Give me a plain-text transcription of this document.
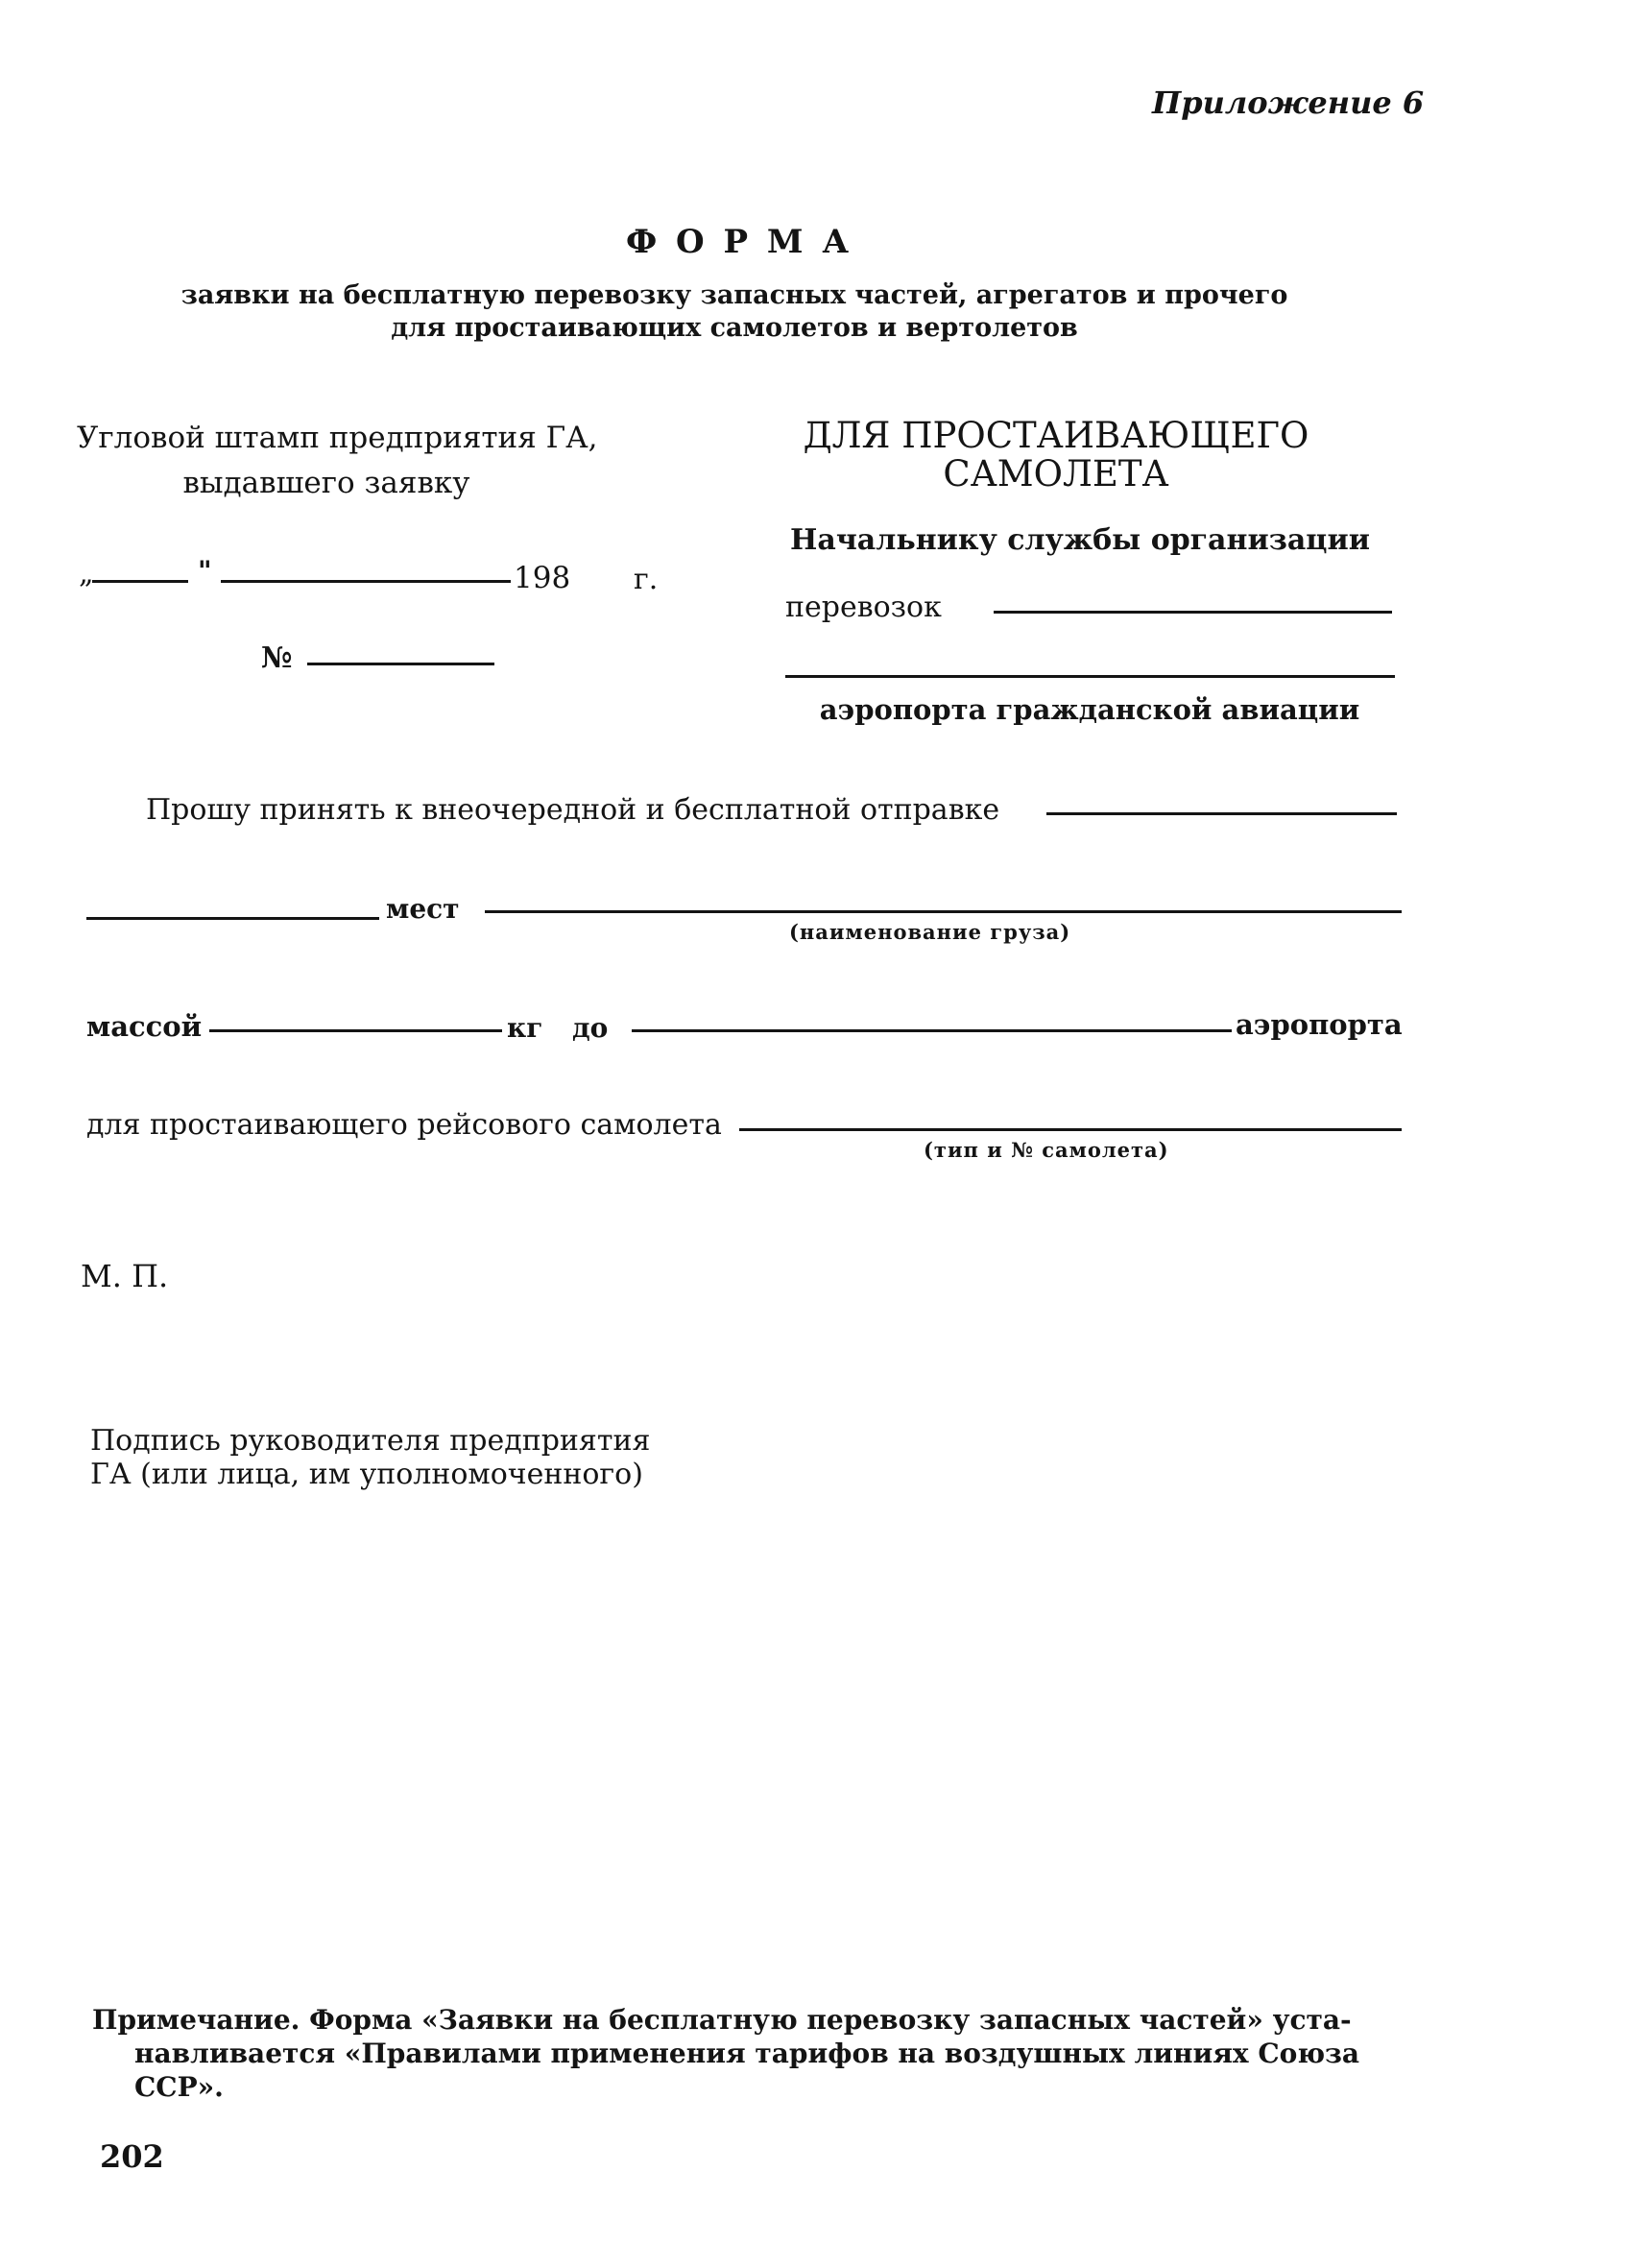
Приложение 6
Ф О Р М А
заявки на бесплатную перевозку запасных частей, агрегатов и прочего
для простаивающих самолетов и вертолетов
Угловой штамп предприятия ГА,
выдавшего заявку
„	"	198 г.
№
ДЛЯ ПРОСТАИВАЮЩЕГО
САМОЛЕТА
Начальнику службы организации
перевозок
аэропорта гражданской авиации
Прошу принять к внеочередной и бесплатной отправке
мест
(наименование груза)
массой	кг до	аэропорта
для простаивающего рейсового самолета
(тип и № самолета)
М. П.
Подпись руководителя предприятия
ГА (или лица, им уполномоченного)
Примечание. Форма «Заявки на бесплатную перевозку запасных частей» уста-
навливается «Правилами применения тарифов на воздушных линиях Союза
ССР».
202
